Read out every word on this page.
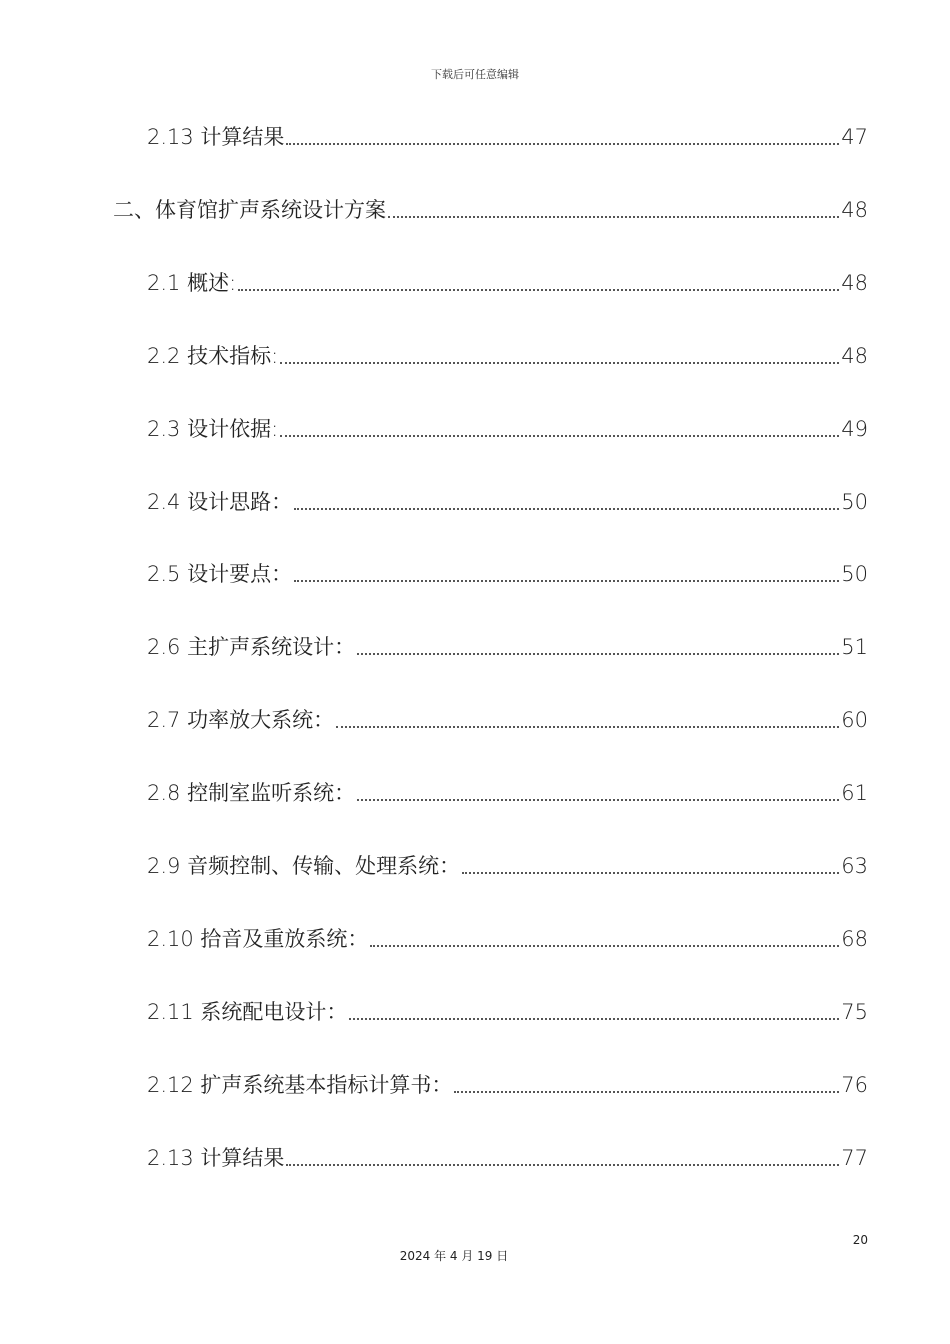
下载后可任意编辑
2.13 计算结果	47
二、体育馆扩声系统设计方案	48
2.1 概述:	48
2.2 技术指标:	48
2.3 设计依据:	49
2.4 设计思路：	50
2.5 设计要点：	50
2.6 主扩声系统设计：	51
2.7 功率放大系统：	60
2.8 控制室监听系统：	61
2.9 音频控制、传输、处理系统：	63
2.10 拾音及重放系统：	68
2.11 系统配电设计：	75
2.12 扩声系统基本指标计算书：	76
2.13 计算结果	77
20
2024 年 4 月 19 日
